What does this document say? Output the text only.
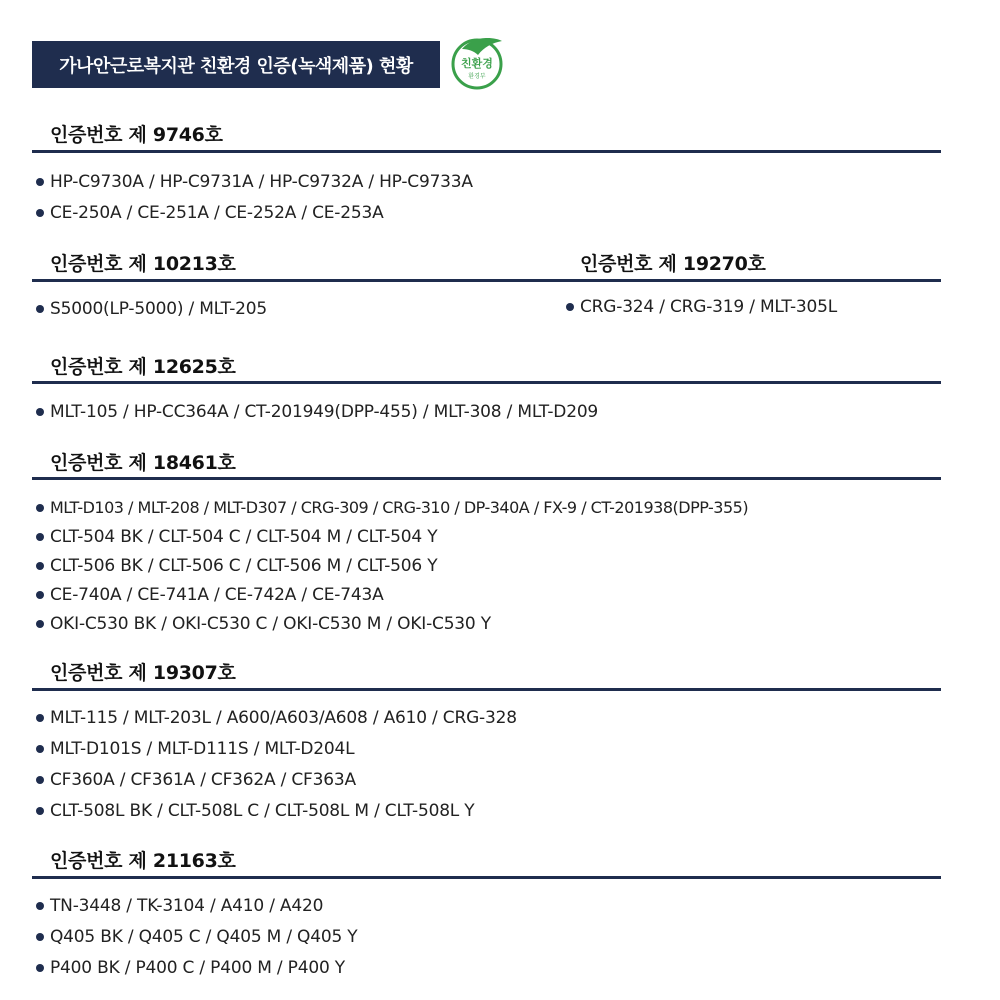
가나안근로복지관 친환경 인증(녹색제품) 현황	친환경
환경부
인증번호 제 9746호
HP-C9730A / HP-C9731A / HP-C9732A / HP-C9733A
CE-250A / CE-251A / CE-252A / CE-253A
인증번호 제 10213호
S5000(LP-5000) / MLT-205
인증번호 제 19270호
CRG-324 / CRG-319 / MLT-305L
인증번호 제 12625호
MLT-105 / HP-CC364A / CT-201949(DPP-455) / MLT-308 / MLT-D209
인증번호 제 18461호
MLT-D103 / MLT-208 / MLT-D307 / CRG-309 / CRG-310 / DP-340A / FX-9 / CT-201938(DPP-355)
CLT-504 BK / CLT-504 C / CLT-504 M / CLT-504 Y
CLT-506 BK / CLT-506 C / CLT-506 M / CLT-506 Y
CE-740A / CE-741A / CE-742A / CE-743A
OKI-C530 BK / OKI-C530 C / OKI-C530 M / OKI-C530 Y
인증번호 제 19307호
MLT-115 / MLT-203L / A600/A603/A608 / A610 / CRG-328
MLT-D101S / MLT-D111S / MLT-D204L
CF360A / CF361A / CF362A / CF363A
CLT-508L BK / CLT-508L C / CLT-508L M / CLT-508L Y
인증번호 제 21163호
TN-3448 / TK-3104 / A410 / A420
Q405 BK / Q405 C / Q405 M / Q405 Y
P400 BK / P400 C / P400 M / P400 Y
